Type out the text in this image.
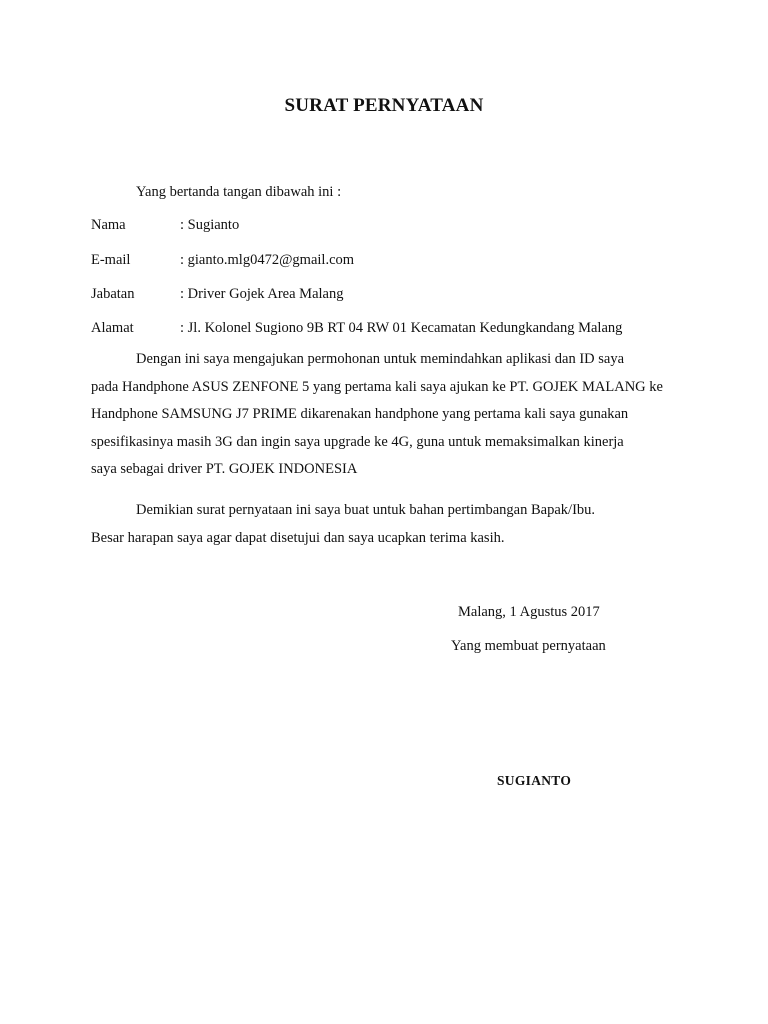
SURAT PERNYATAAN
Yang bertanda tangan dibawah ini :
Nama	: Sugianto
E-mail	: gianto.mlg0472@gmail.com
Jabatan	: Driver Gojek Area Malang
Alamat	: Jl. Kolonel Sugiono 9B RT 04 RW 01 Kecamatan Kedungkandang Malang
Dengan ini saya mengajukan permohonan untuk memindahkan aplikasi dan ID saya
pada Handphone ASUS ZENFONE 5 yang pertama kali saya ajukan ke PT. GOJEK MALANG ke
Handphone SAMSUNG J7 PRIME dikarenakan handphone yang pertama kali saya gunakan
spesifikasinya masih 3G dan ingin saya upgrade ke 4G, guna untuk memaksimalkan kinerja
saya sebagai driver PT. GOJEK INDONESIA
Demikian surat pernyataan ini saya buat untuk bahan pertimbangan Bapak/Ibu.
Besar harapan saya agar dapat disetujui dan saya ucapkan terima kasih.
Malang, 1 Agustus 2017
Yang membuat pernyataan
SUGIANTO
